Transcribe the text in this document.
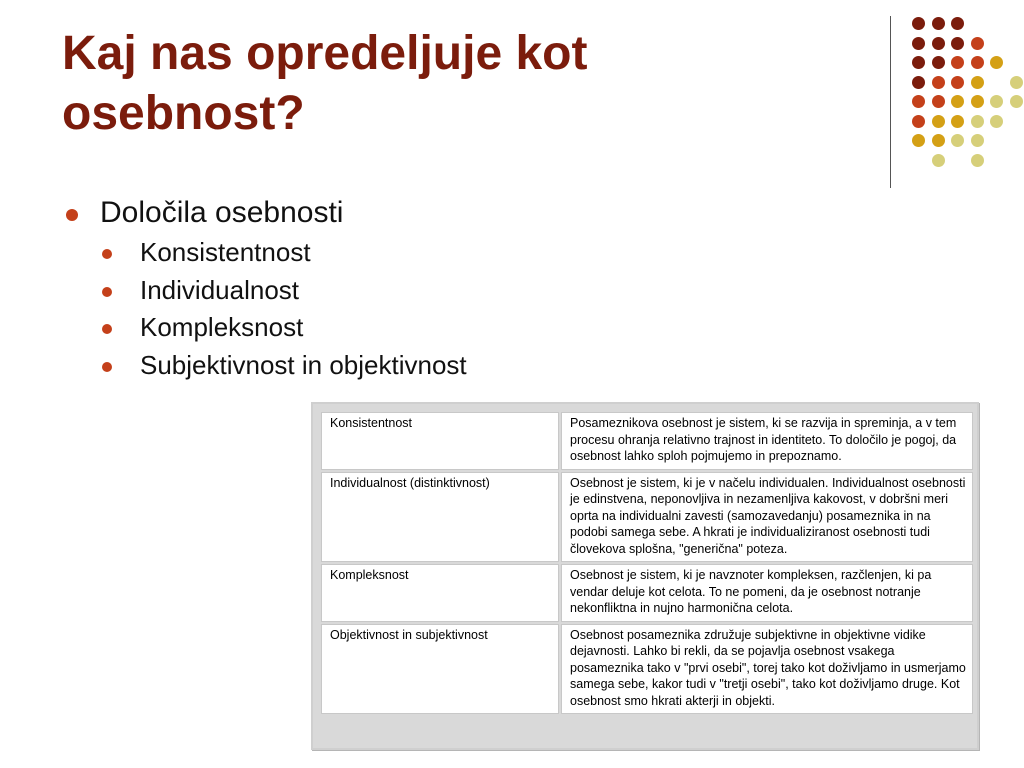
Kaj nas opredeljuje kot osebnost?
Določila osebnosti
Konsistentnost
Individualnost
Kompleksnost
Subjektivnost in objektivnost
Konsistentnost	Posameznikova osebnost je sistem, ki se razvija in spreminja, a v tem procesu ohranja relativno trajnost in identiteto. To določilo je pogoj, da osebnost lahko sploh pojmujemo in prepoznamo.
Individualnost (distinktivnost)	Osebnost je sistem, ki je v načelu individualen. Individualnost osebnosti je edinstvena, neponovljiva in nezamenljiva kakovost, v dobršni meri oprta na individualni zavesti (samozavedanju) posameznika in na podobi samega sebe. A hkrati je individualiziranost osebnosti tudi človekova splošna, "generična" poteza.
Kompleksnost	Osebnost je sistem, ki je navznoter kompleksen, razčlenjen, ki pa vendar deluje kot celota. To ne pomeni, da je osebnost notranje nekonfliktna in nujno harmonična celota.
Objektivnost in subjektivnost	Osebnost posameznika združuje subjektivne in objektivne vidike dejavnosti. Lahko bi rekli, da se pojavlja osebnost vsakega posameznika tako v "prvi osebi", torej tako kot doživljamo in usmerjamo samega sebe, kakor tudi v "tretji osebi", tako kot doživljamo druge. Kot osebnost smo hkrati akterji in objekti.
